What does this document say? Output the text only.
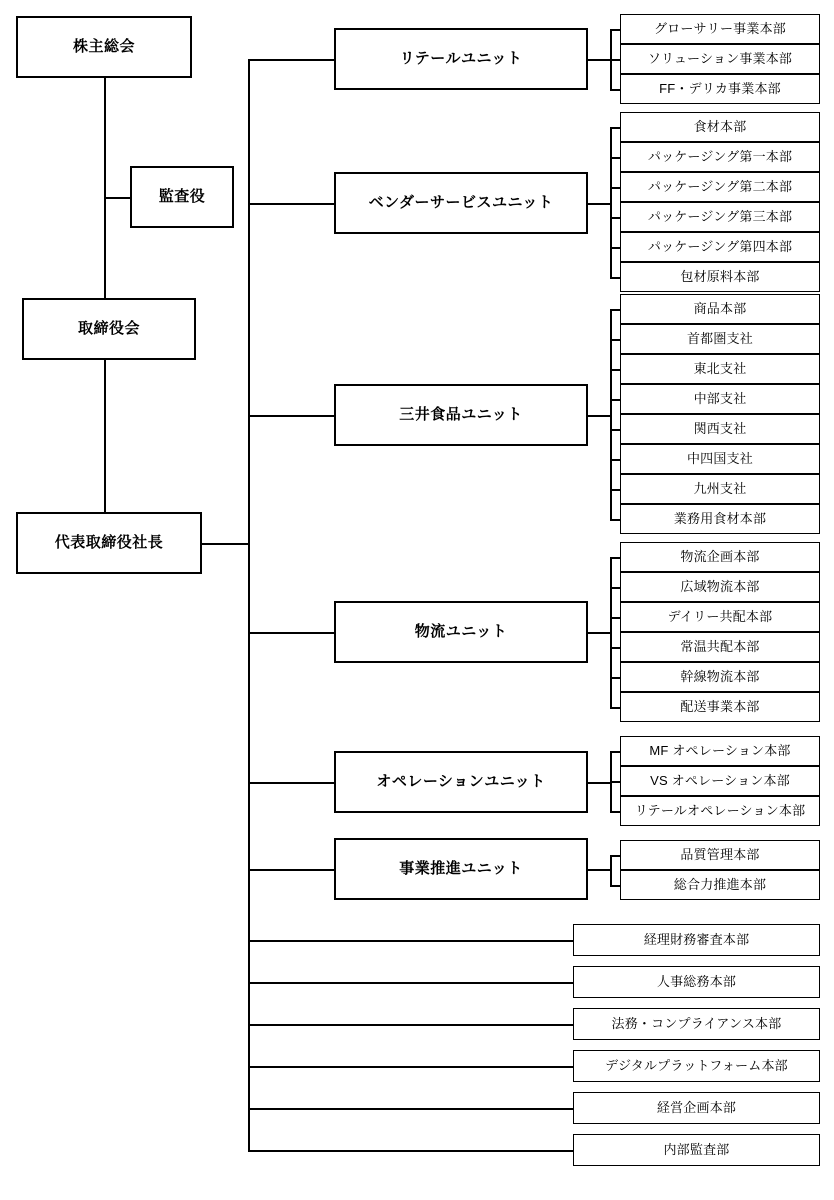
株主総会
監査役
取締役会
代表取締役社長
リテールユニット
グローサリー事業本部
ソリューション事業本部
FF・デリカ事業本部
ベンダーサービスユニット
食材本部
パッケージング第一本部
パッケージング第二本部
パッケージング第三本部
パッケージング第四本部
包材原料本部
三井食品ユニット
商品本部
首都圏支社
東北支社
中部支社
関西支社
中四国支社
九州支社
業務用食材本部
物流ユニット
物流企画本部
広域物流本部
デイリー共配本部
常温共配本部
幹線物流本部
配送事業本部
オペレーションユニット
MF オペレーション本部
VS オペレーション本部
リテールオペレーション本部
事業推進ユニット
品質管理本部
総合力推進本部
経理財務審査本部
人事総務本部
法務・コンプライアンス本部
デジタルプラットフォーム本部
経営企画本部
内部監査部
